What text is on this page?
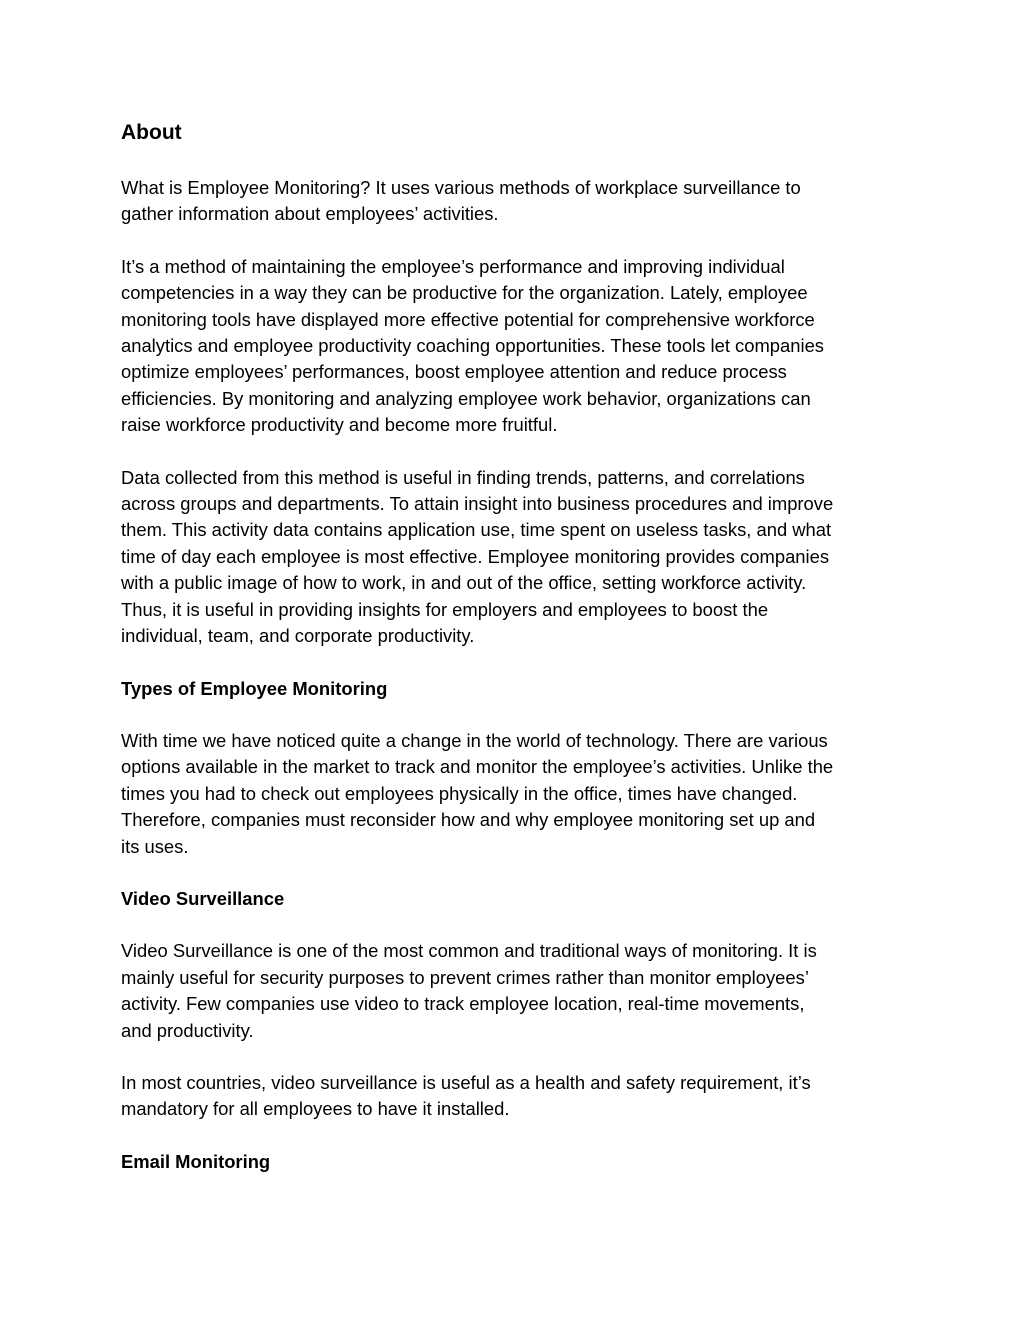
About
What is Employee Monitoring? It uses various methods of workplace surveillance to
gather information about employees’ activities.
It’s a method of maintaining the employee’s performance and improving individual
competencies in a way they can be productive for the organization. Lately, employee
monitoring tools have displayed more effective potential for comprehensive workforce
analytics and employee productivity coaching opportunities. These tools let companies
optimize employees’ performances, boost employee attention and reduce process
efficiencies. By monitoring and analyzing employee work behavior, organizations can
raise workforce productivity and become more fruitful.
Data collected from this method is useful in finding trends, patterns, and correlations
across groups and departments. To attain insight into business procedures and improve
them. This activity data contains application use, time spent on useless tasks, and what
time of day each employee is most effective. Employee monitoring provides companies
with a public image of how to work, in and out of the office, setting workforce activity.
Thus, it is useful in providing insights for employers and employees to boost the
individual, team, and corporate productivity.
Types of Employee Monitoring
With time we have noticed quite a change in the world of technology. There are various
options available in the market to track and monitor the employee’s activities. Unlike the
times you had to check out employees physically in the office, times have changed.
Therefore, companies must reconsider how and why employee monitoring set up and
its uses.
Video Surveillance
Video Surveillance is one of the most common and traditional ways of monitoring. It is
mainly useful for security purposes to prevent crimes rather than monitor employees’
activity. Few companies use video to track employee location, real-time movements,
and productivity.
In most countries, video surveillance is useful as a health and safety requirement, it’s
mandatory for all employees to have it installed.
Email Monitoring
